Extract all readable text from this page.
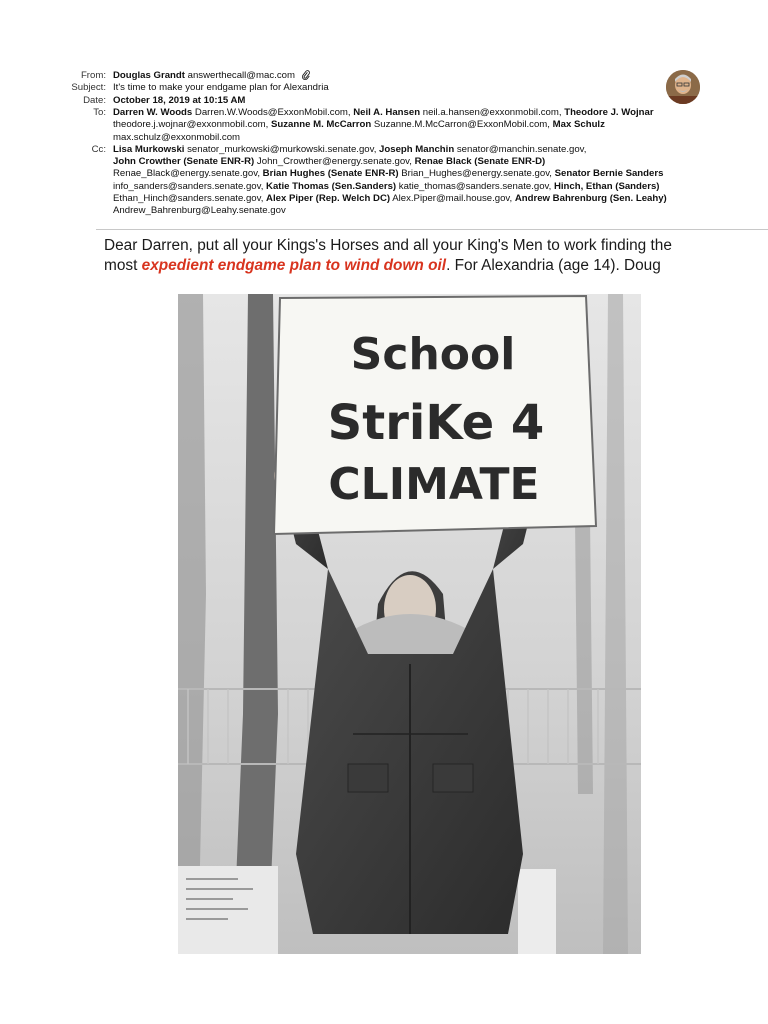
From: Douglas Grandt answerthecall@mac.com
Subject: It's time to make your endgame plan for Alexandria
Date: October 18, 2019 at 10:15 AM
To: Darren W. Woods Darren.W.Woods@ExxonMobil.com, Neil A. Hansen neil.a.hansen@exxonmobil.com, Theodore J. Wojnar
theodore.j.wojnar@exxonmobil.com, Suzanne M. McCarron Suzanne.M.McCarron@ExxonMobil.com, Max Schulz
max.schulz@exxonmobil.com
Cc: Lisa Murkowski senator_murkowski@murkowski.senate.gov, Joseph Manchin senator@manchin.senate.gov,
John Crowther (Senate ENR-R) John_Crowther@energy.senate.gov, Renae Black (Senate ENR-D)
Renae_Black@energy.senate.gov, Brian Hughes (Senate ENR-R) Brian_Hughes@energy.senate.gov, Senator Bernie Sanders
info_sanders@sanders.senate.gov, Katie Thomas (Sen.Sanders) katie_thomas@sanders.senate.gov, Hinch, Ethan (Sanders)
Ethan_Hinch@sanders.senate.gov, Alex Piper (Rep. Welch DC) Alex.Piper@mail.house.gov, Andrew Bahrenburg (Sen. Leahy)
Andrew_Bahrenburg@Leahy.senate.gov
Dear Darren, put all your Kings's Horses and all your King's Men to work finding the
most expedient endgame plan to wind down oil. For Alexandria (age 14). Doug
School
StriKe 4
CLIMATE
